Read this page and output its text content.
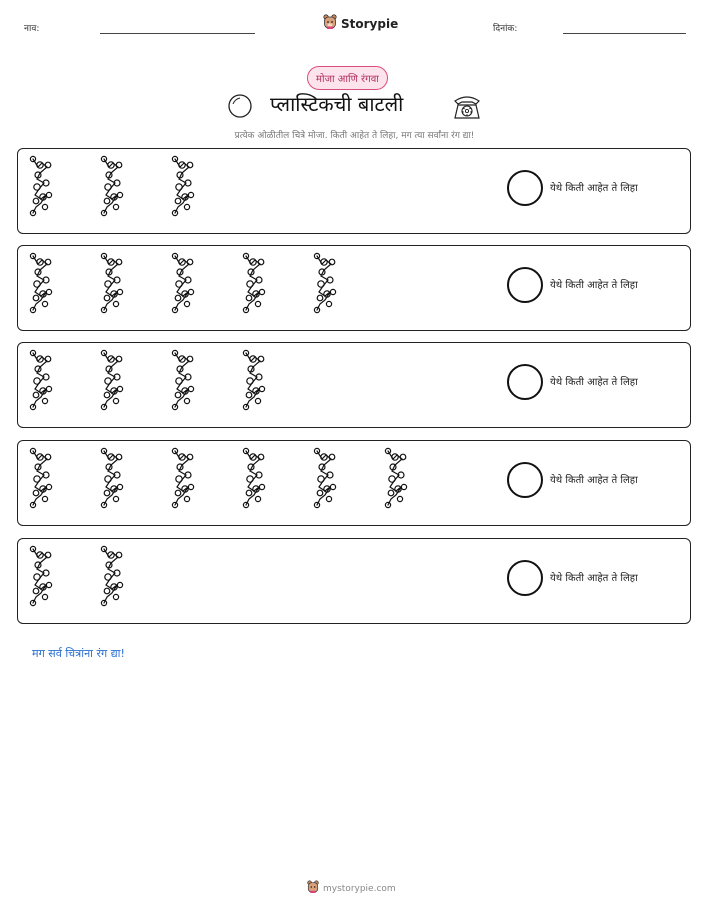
नाव:	Storypie	दिनांक:
मोजा आणि रंगवा
प्लास्टिकची बाटली
प्रत्येक ओळीतील चित्रे मोजा. किती आहेत ते लिहा, मग त्या सर्वांना रंग द्या!
येथे किती आहेत ते लिहा
येथे किती आहेत ते लिहा
येथे किती आहेत ते लिहा
येथे किती आहेत ते लिहा
येथे किती आहेत ते लिहा
मग सर्व चित्रांना रंग द्या!
mystorypie.com
